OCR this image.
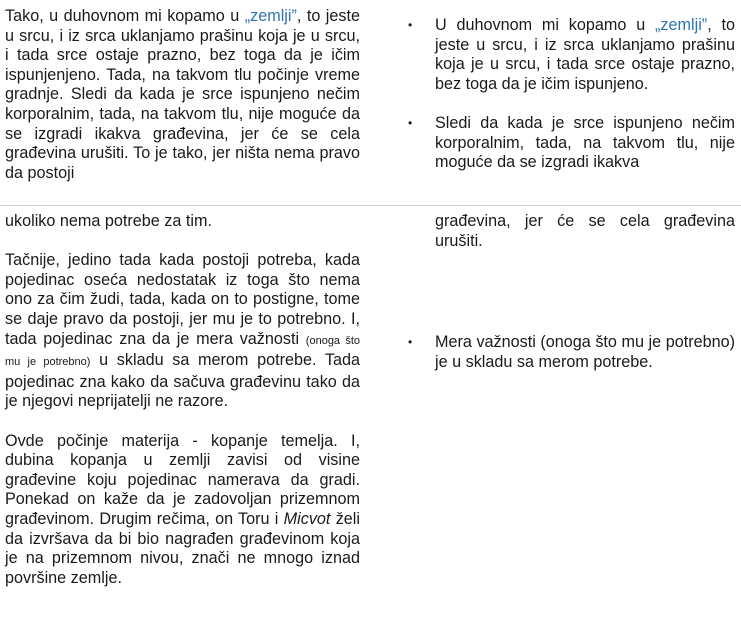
Tako, u duhovnom mi kopamo u „zemlji”, to jeste u srcu, i iz srca uklanjamo prašinu koja je u srcu, i tada srce ostaje prazno, bez toga da je ičim ispunjenjeno. Tada, na takvom tlu počinje vreme gradnje. Sledi da kada je srce ispunjeno nečim korporalnim, tada, na takvom tlu, nije moguće da se izgradi ikakva građevina, jer će se cela građevina urušiti. To je tako, jer ništa nema pravo da postoji

ukoliko nema potrebe za tim.

Tačnije, jedino tada kada postoji potreba, kada pojedinac oseća nedostatak iz toga što nema ono za čim žudi, tada, kada on to postigne, tome se daje pravo da postoji, jer mu je to potrebno. I, tada pojedinac zna da je mera važnosti (onoga što mu je potrebno) u skladu sa merom potrebe. Tada pojedinac zna kako da sačuva građevinu tako da je njegovi neprijatelji ne razore.

Ovde počinje materija - kopanje temelja. I, dubina kopanja u zemlji zavisi od visine građevine koju pojedinac namerava da gradi. Ponekad on kaže da je zadovoljan prizemnom građevinom. Drugim rečima, on Toru i Micvot želi da izvršava da bi bio nagrađen građevinom koja je na prizemnom nivou, znači ne mnogo iznad površine zemlje.

• U duhovnom mi kopamo u „zemlji”, to jeste u srcu, i iz srca uklanjamo prašinu koja je u srcu, i tada srce ostaje prazno, bez toga da je ičim ispunjeno.

• Sledi da kada je srce ispunjeno nečim korporalnim, tada, na takvom tlu, nije moguće da se izgradi ikakva

građevina, jer će se cela građevina urušiti.

• Mera važnosti (onoga što mu je potrebno) je u skladu sa merom potrebe.
